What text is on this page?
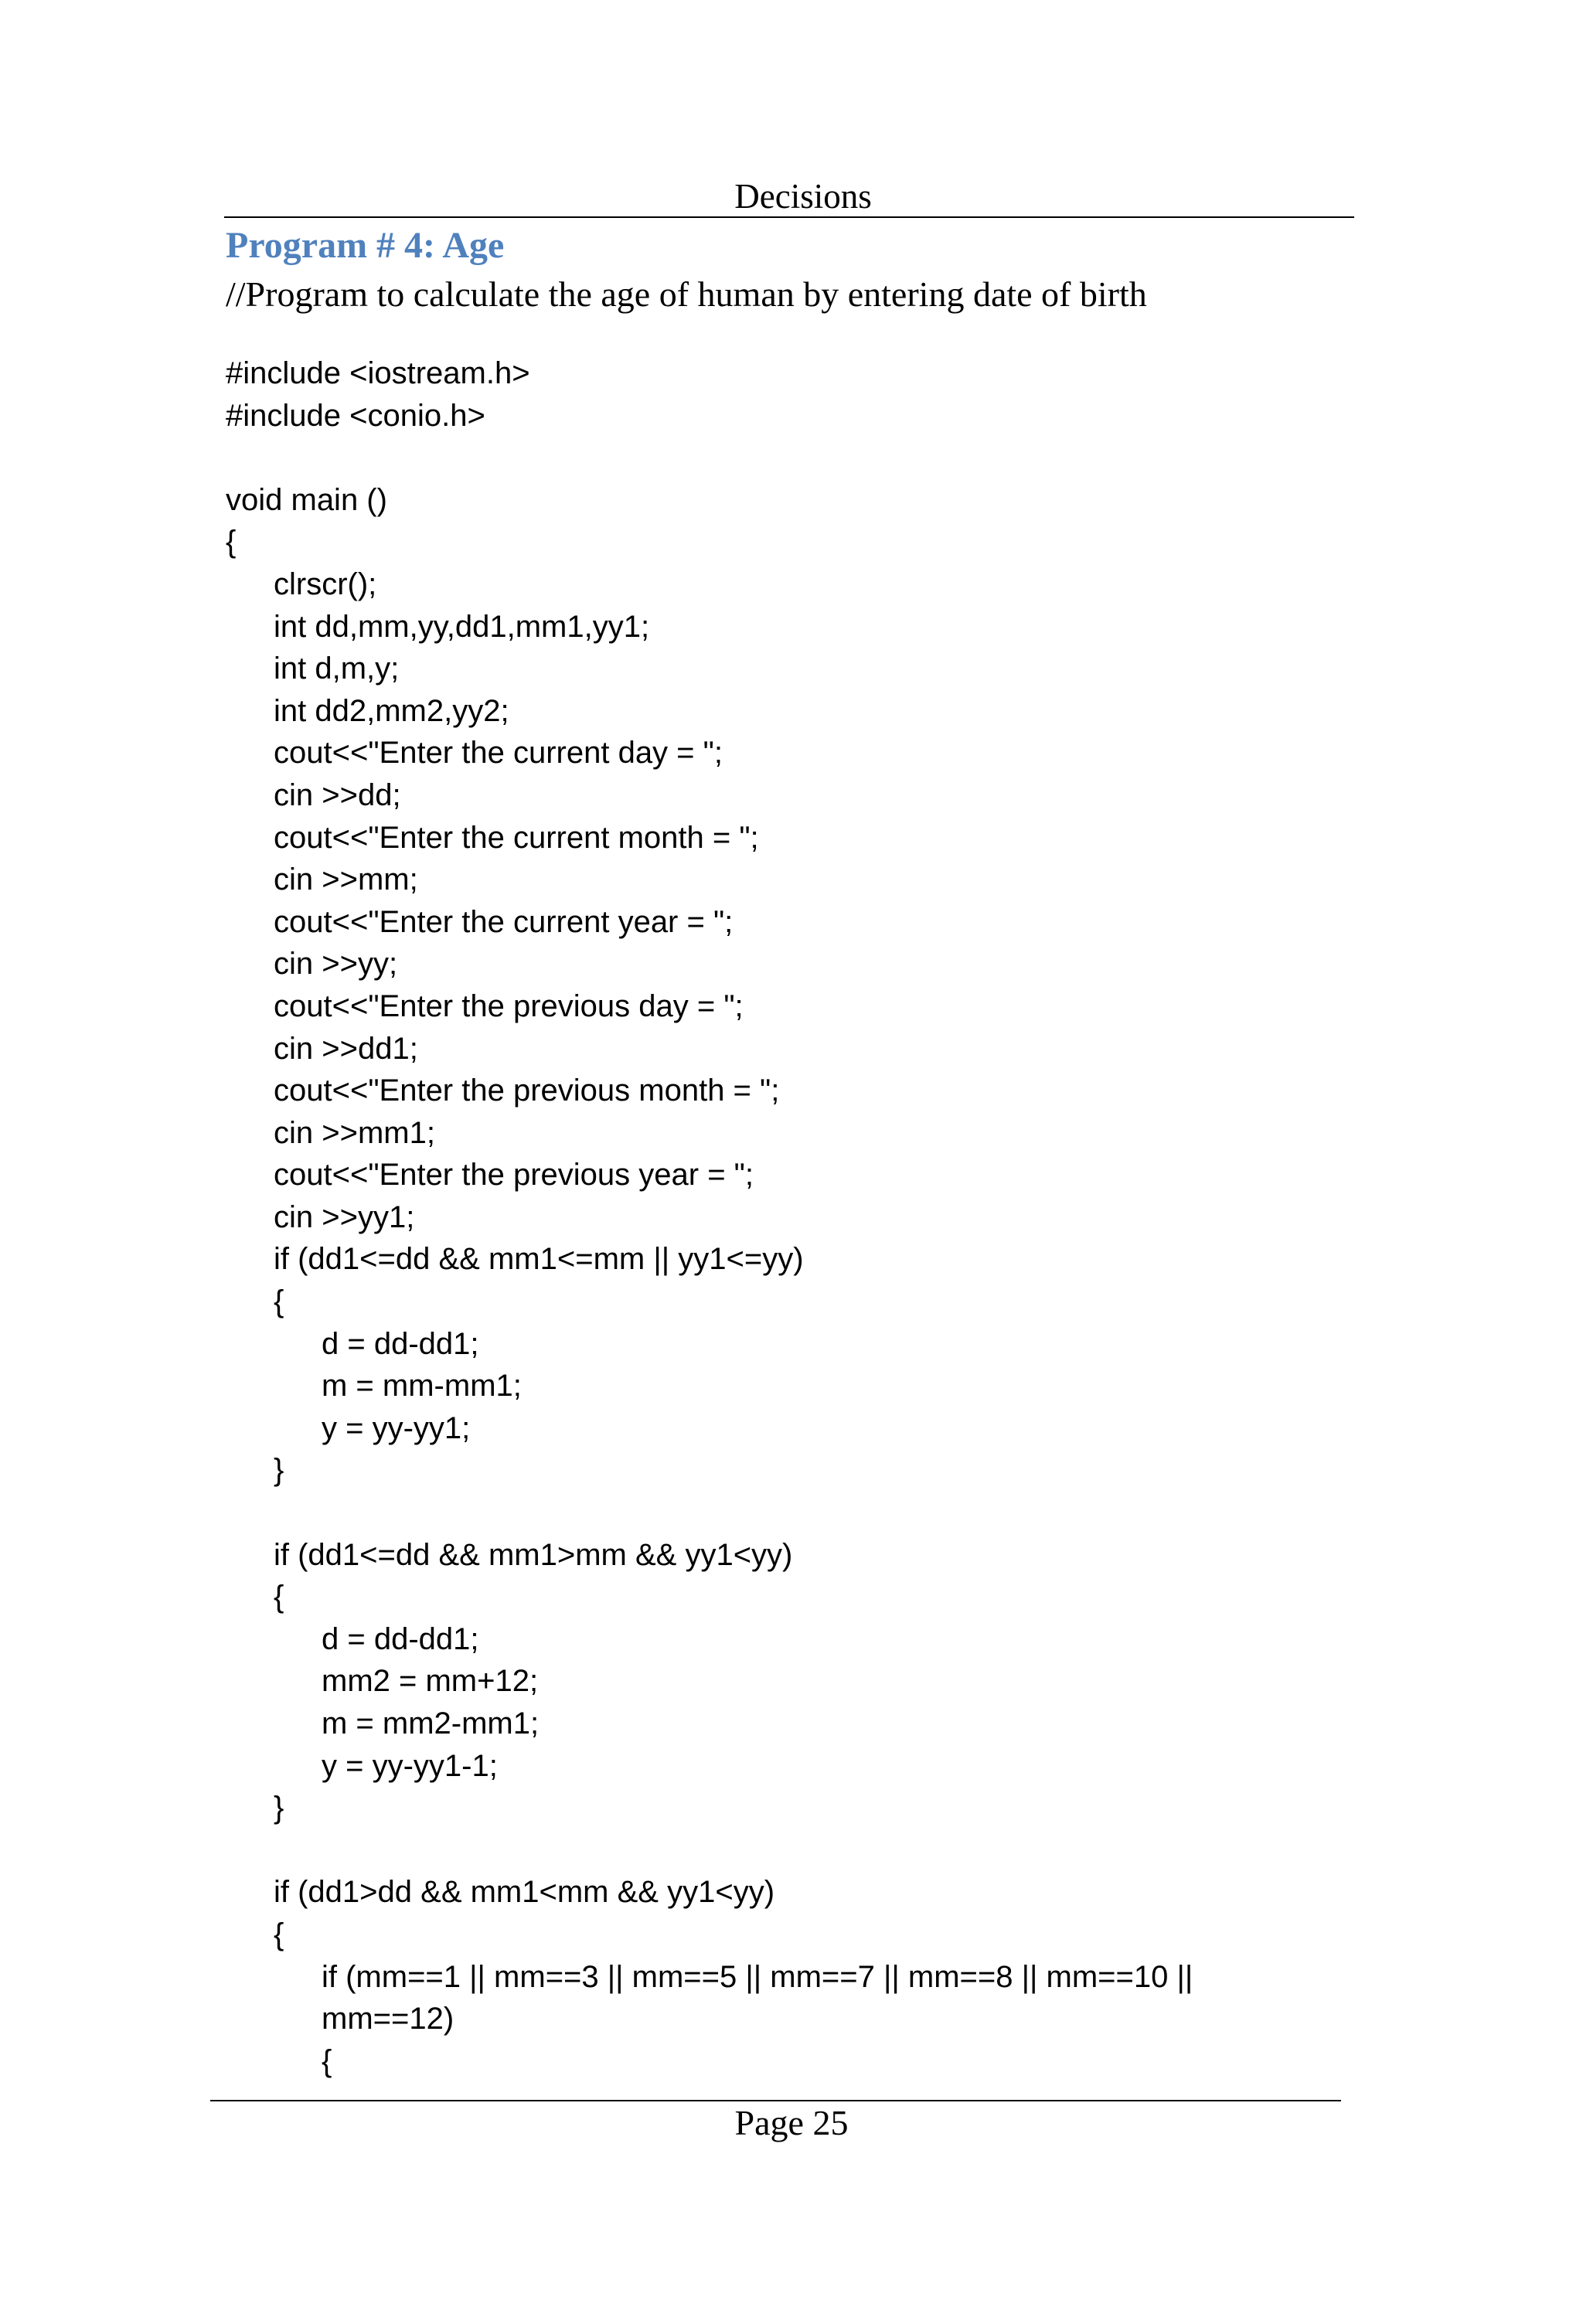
Decisions
Program # 4: Age
//Program to calculate the age of human by entering date of birth
#include <iostream.h>
#include <conio.h>
void main ()
{
clrscr();
int dd,mm,yy,dd1,mm1,yy1;
int d,m,y;
int dd2,mm2,yy2;
cout<<"Enter the current day = ";
cin >>dd;
cout<<"Enter the current month = ";
cin >>mm;
cout<<"Enter the current year = ";
cin >>yy;
cout<<"Enter the previous day = ";
cin >>dd1;
cout<<"Enter the previous month = ";
cin >>mm1;
cout<<"Enter the previous year = ";
cin >>yy1;
if (dd1<=dd && mm1<=mm || yy1<=yy)
{
d = dd-dd1;
m = mm-mm1;
y = yy-yy1;
}
if (dd1<=dd && mm1>mm && yy1<yy)
{
d = dd-dd1;
mm2 = mm+12;
m = mm2-mm1;
y = yy-yy1-1;
}
if (dd1>dd && mm1<mm && yy1<yy)
{
if (mm==1 || mm==3 || mm==5 || mm==7 || mm==8 || mm==10 ||
mm==12)
{
Page 25
